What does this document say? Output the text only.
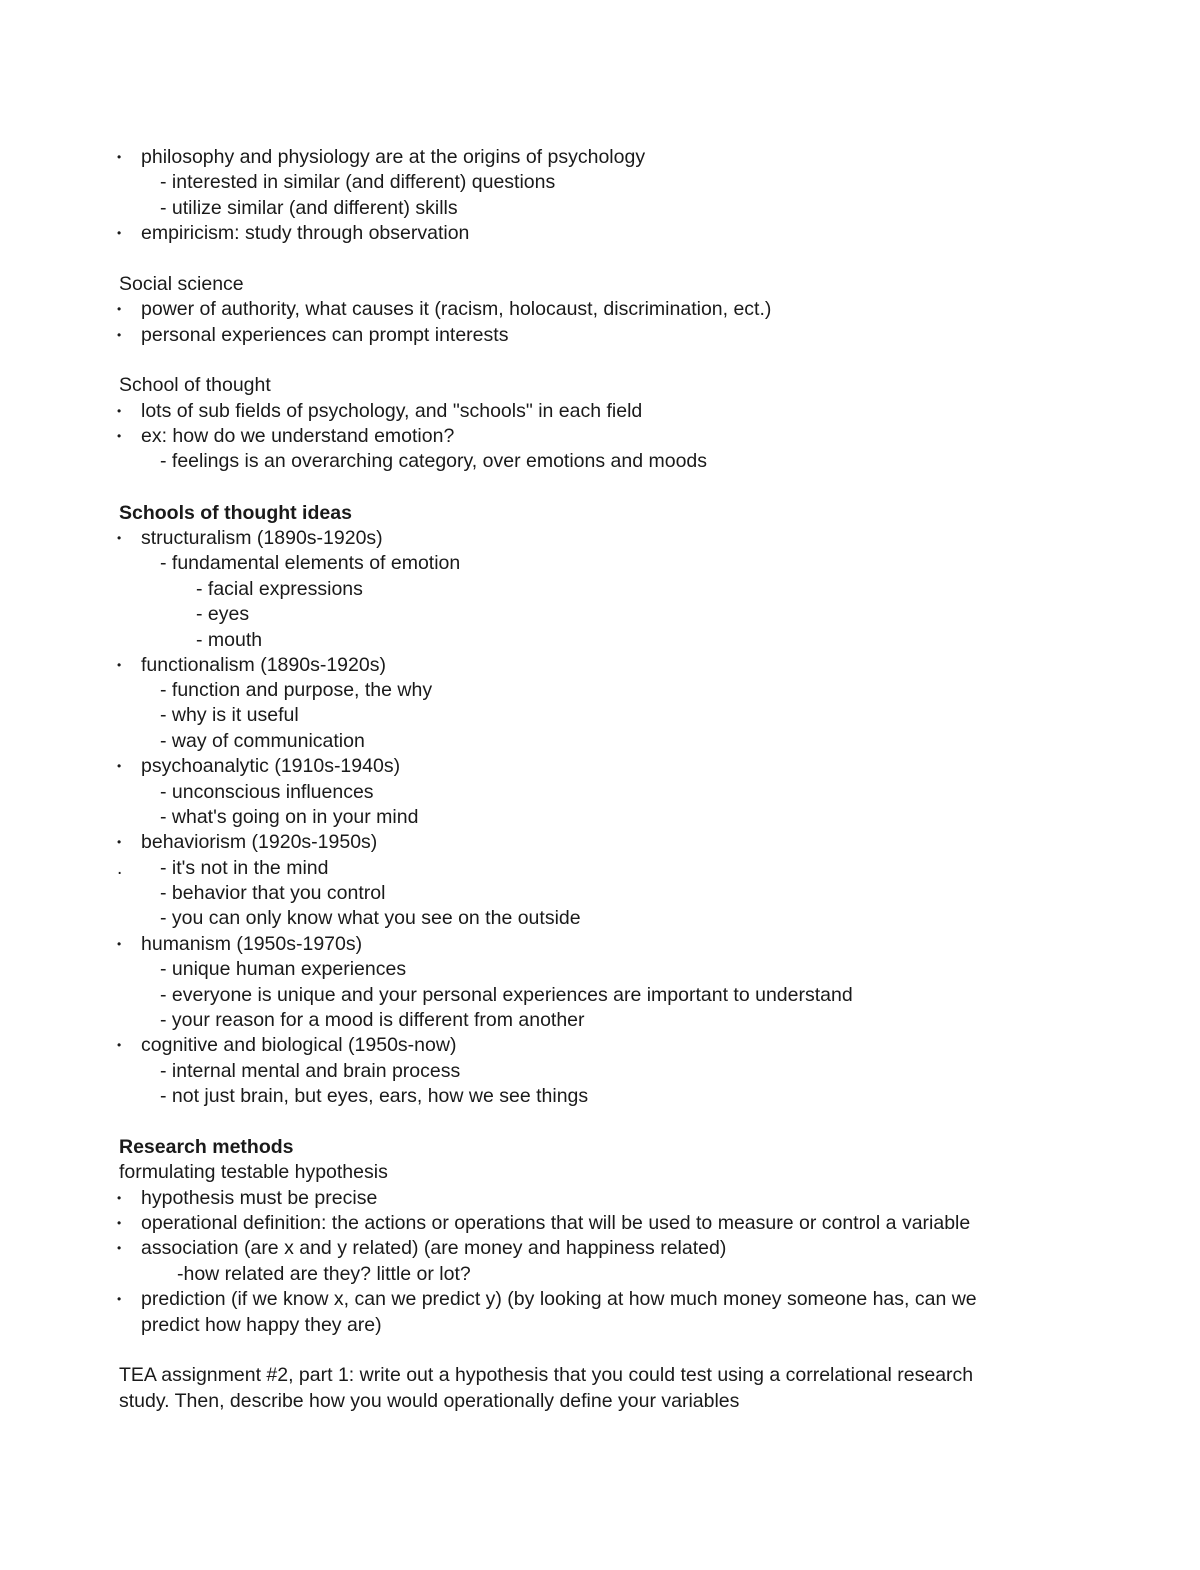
• philosophy and physiology are at the origins of psychology
- interested in similar (and different) questions
- utilize similar (and different) skills
• empiricism: study through observation
Social science
• power of authority, what causes it (racism, holocaust, discrimination, ect.)
• personal experiences can prompt interests
School of thought
• lots of sub fields of psychology, and "schools" in each field
• ex: how do we understand emotion?
- feelings is an overarching category, over emotions and moods
Schools of thought ideas
• structuralism (1890s-1920s)
- fundamental elements of emotion
- facial expressions
- eyes
- mouth
• functionalism (1890s-1920s)
- function and purpose, the why
- why is it useful
- way of communication
• psychoanalytic (1910s-1940s)
- unconscious influences
- what's going on in your mind
• behaviorism (1920s-1950s)
. - it's not in the mind
- behavior that you control
- you can only know what you see on the outside
• humanism (1950s-1970s)
- unique human experiences
- everyone is unique and your personal experiences are important to understand
- your reason for a mood is different from another
• cognitive and biological (1950s-now)
- internal mental and brain process
- not just brain, but eyes, ears, how we see things
Research methods
formulating testable hypothesis
• hypothesis must be precise
• operational definition: the actions or operations that will be used to measure or control a variable
• association (are x and y related) (are money and happiness related)
-how related are they? little or lot?
• prediction (if we know x, can we predict y) (by looking at how much money someone has, can we
predict how happy they are)
TEA assignment #2, part 1: write out a hypothesis that you could test using a correlational research
study. Then, describe how you would operationally define your variables
